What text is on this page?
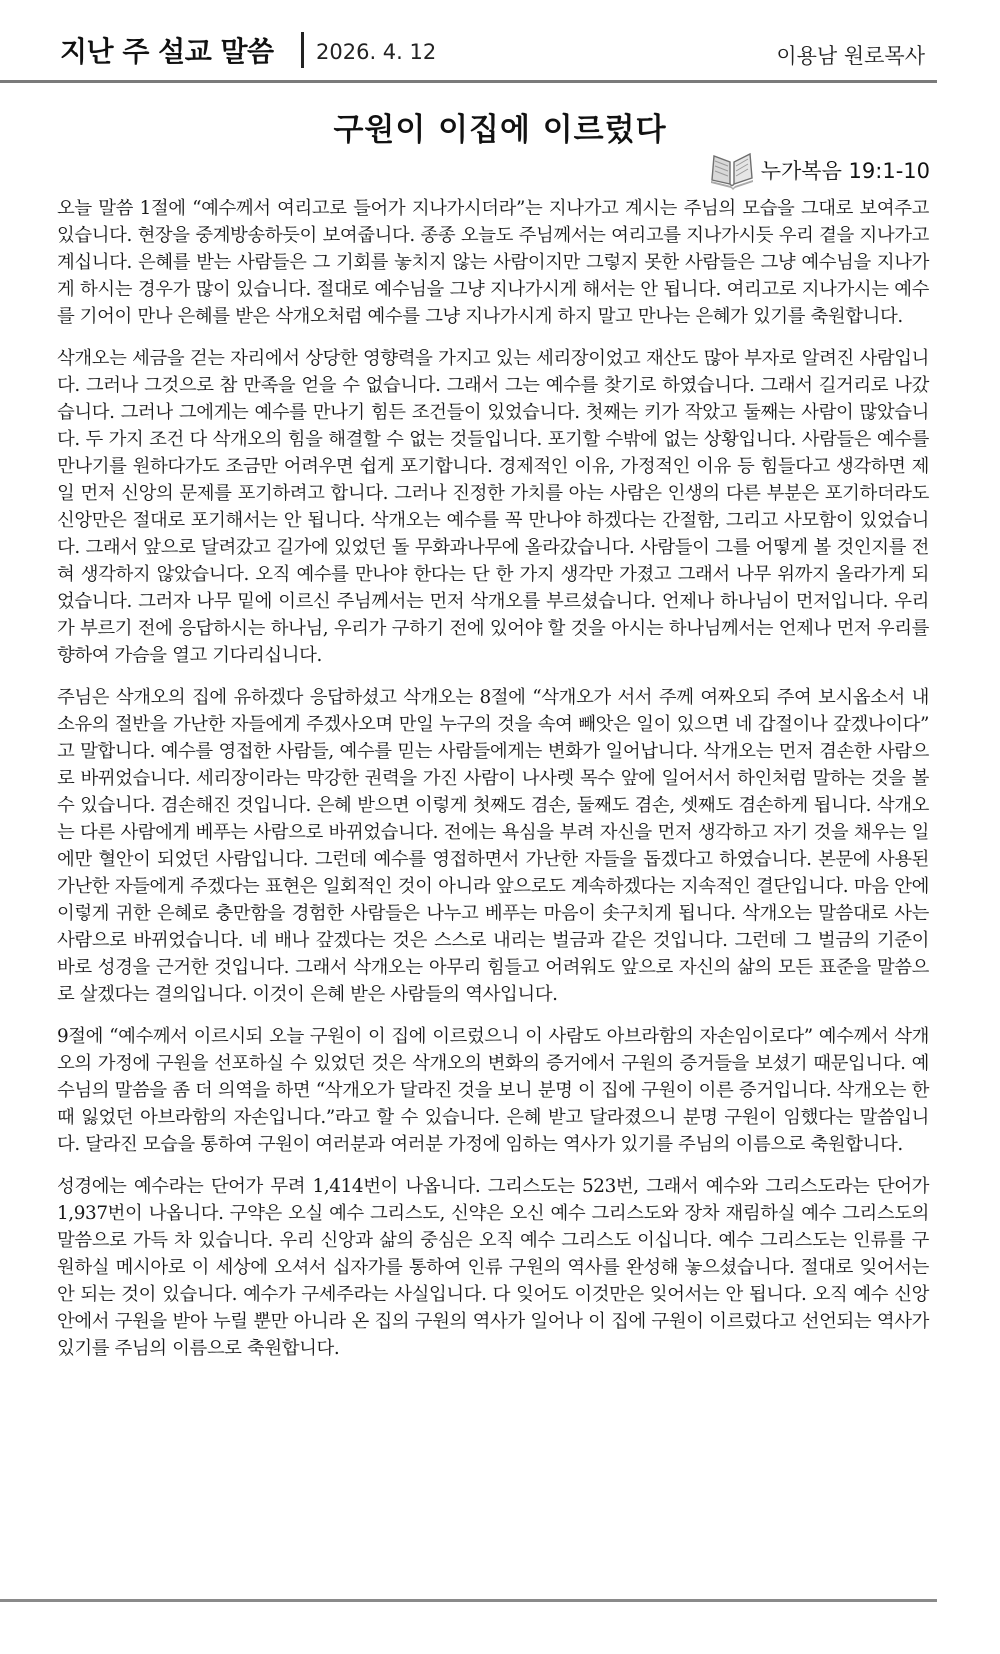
지난 주 설교 말씀 2026. 4. 12	이용남 원로목사
구원이 이집에 이르렀다
누가복음 19:1-10

오늘 말씀 1절에 “예수께서 여리고로 들어가 지나가시더라”는 지나가고 계시는 주님의 모습을 그대로 보여주고 있습니다. 현장을 중계방송하듯이 보여줍니다. 종종 오늘도 주님께서는 여리고를 지나가시듯 우리 곁을 지나가고 계십니다. 은혜를 받는 사람들은 그 기회를 놓치지 않는 사람이지만 그렇지 못한 사람들은 그냥 예수님을 지나가게 하시는 경우가 많이 있습니다. 절대로 예수님을 그냥 지나가시게 해서는 안 됩니다. 여리고로 지나가시는 예수를 기어이 만나 은혜를 받은 삭개오처럼 예수를 그냥 지나가시게 하지 말고 만나는 은혜가 있기를 축원합니다.

삭개오는 세금을 걷는 자리에서 상당한 영향력을 가지고 있는 세리장이었고 재산도 많아 부자로 알려진 사람입니다. 그러나 그것으로 참 만족을 얻을 수 없습니다. 그래서 그는 예수를 찾기로 하였습니다. 그래서 길거리로 나갔습니다. 그러나 그에게는 예수를 만나기 힘든 조건들이 있었습니다. 첫째는 키가 작았고 둘째는 사람이 많았습니다. 두 가지 조건 다 삭개오의 힘을 해결할 수 없는 것들입니다. 포기할 수밖에 없는 상황입니다. 사람들은 예수를 만나기를 원하다가도 조금만 어려우면 쉽게 포기합니다. 경제적인 이유, 가정적인 이유 등 힘들다고 생각하면 제일 먼저 신앙의 문제를 포기하려고 합니다. 그러나 진정한 가치를 아는 사람은 인생의 다른 부분은 포기하더라도 신앙만은 절대로 포기해서는 안 됩니다. 삭개오는 예수를 꼭 만나야 하겠다는 간절함, 그리고 사모함이 있었습니다. 그래서 앞으로 달려갔고 길가에 있었던 돌 무화과나무에 올라갔습니다. 사람들이 그를 어떻게 볼 것인지를 전혀 생각하지 않았습니다. 오직 예수를 만나야 한다는 단 한 가지 생각만 가졌고 그래서 나무 위까지 올라가게 되었습니다. 그러자 나무 밑에 이르신 주님께서는 먼저 삭개오를 부르셨습니다. 언제나 하나님이 먼저입니다. 우리가 부르기 전에 응답하시는 하나님, 우리가 구하기 전에 있어야 할 것을 아시는 하나님께서는 언제나 먼저 우리를 향하여 가슴을 열고 기다리십니다.

주님은 삭개오의 집에 유하겠다 응답하셨고 삭개오는 8절에 “삭개오가 서서 주께 여짜오되 주여 보시옵소서 내 소유의 절반을 가난한 자들에게 주겠사오며 만일 누구의 것을 속여 빼앗은 일이 있으면 네 갑절이나 갚겠나이다” 고 말합니다. 예수를 영접한 사람들, 예수를 믿는 사람들에게는 변화가 일어납니다. 삭개오는 먼저 겸손한 사람으로 바뀌었습니다. 세리장이라는 막강한 권력을 가진 사람이 나사렛 목수 앞에 일어서서 하인처럼 말하는 것을 볼 수 있습니다. 겸손해진 것입니다. 은혜 받으면 이렇게 첫째도 겸손, 둘째도 겸손, 셋째도 겸손하게 됩니다. 삭개오는 다른 사람에게 베푸는 사람으로 바뀌었습니다. 전에는 욕심을 부려 자신을 먼저 생각하고 자기 것을 채우는 일에만 혈안이 되었던 사람입니다. 그런데 예수를 영접하면서 가난한 자들을 돕겠다고 하였습니다. 본문에 사용된 가난한 자들에게 주겠다는 표현은 일회적인 것이 아니라 앞으로도 계속하겠다는 지속적인 결단입니다. 마음 안에 이렇게 귀한 은혜로 충만함을 경험한 사람들은 나누고 베푸는 마음이 솟구치게 됩니다. 삭개오는 말씀대로 사는 사람으로 바뀌었습니다. 네 배나 갚겠다는 것은 스스로 내리는 벌금과 같은 것입니다. 그런데 그 벌금의 기준이 바로 성경을 근거한 것입니다. 그래서 삭개오는 아무리 힘들고 어려워도 앞으로 자신의 삶의 모든 표준을 말씀으로 살겠다는 결의입니다. 이것이 은혜 받은 사람들의 역사입니다.

9절에 “예수께서 이르시되 오늘 구원이 이 집에 이르렀으니 이 사람도 아브라함의 자손임이로다” 예수께서 삭개오의 가정에 구원을 선포하실 수 있었던 것은 삭개오의 변화의 증거에서 구원의 증거들을 보셨기 때문입니다. 예수님의 말씀을 좀 더 의역을 하면 “삭개오가 달라진 것을 보니 분명 이 집에 구원이 이른 증거입니다. 삭개오는 한 때 잃었던 아브라함의 자손입니다.”라고 할 수 있습니다. 은혜 받고 달라졌으니 분명 구원이 임했다는 말씀입니다. 달라진 모습을 통하여 구원이 여러분과 여러분 가정에 임하는 역사가 있기를 주님의 이름으로 축원합니다.

성경에는 예수라는 단어가 무려 1,414번이 나옵니다. 그리스도는 523번, 그래서 예수와 그리스도라는 단어가 1,937번이 나옵니다. 구약은 오실 예수 그리스도, 신약은 오신 예수 그리스도와 장차 재림하실 예수 그리스도의 말씀으로 가득 차 있습니다. 우리 신앙과 삶의 중심은 오직 예수 그리스도 이십니다. 예수 그리스도는 인류를 구원하실 메시아로 이 세상에 오셔서 십자가를 통하여 인류 구원의 역사를 완성해 놓으셨습니다. 절대로 잊어서는 안 되는 것이 있습니다. 예수가 구세주라는 사실입니다. 다 잊어도 이것만은 잊어서는 안 됩니다. 오직 예수 신앙 안에서 구원을 받아 누릴 뿐만 아니라 온 집의 구원의 역사가 일어나 이 집에 구원이 이르렀다고 선언되는 역사가 있기를 주님의 이름으로 축원합니다.
